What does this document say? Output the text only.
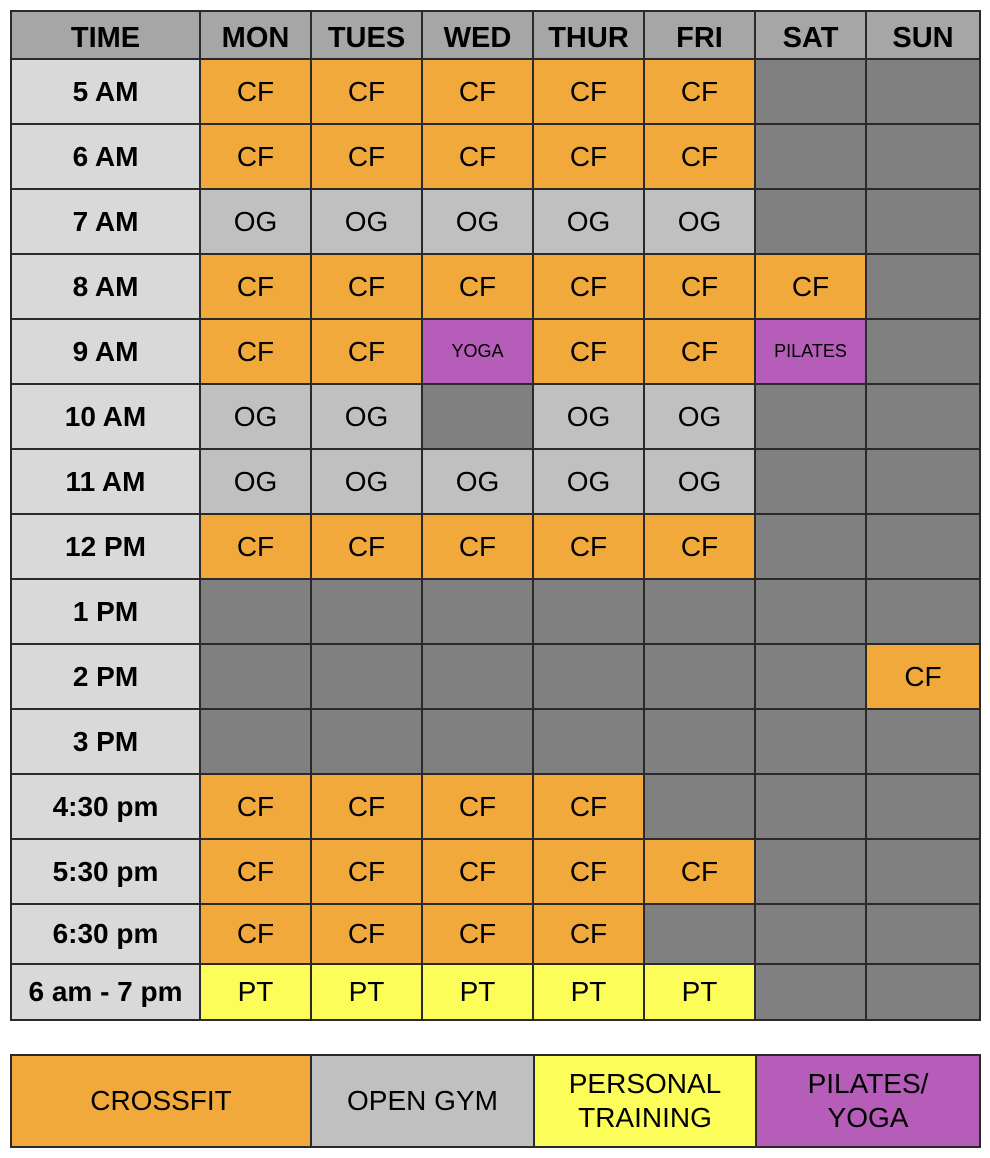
TIME	MON	TUES	WED	THUR	FRI	SAT	SUN
5 AM	CF	CF	CF	CF	CF		
6 AM	CF	CF	CF	CF	CF		
7 AM	OG	OG	OG	OG	OG		
8 AM	CF	CF	CF	CF	CF	CF	
9 AM	CF	CF	YOGA	CF	CF	PILATES	
10 AM	OG	OG		OG	OG		
11 AM	OG	OG	OG	OG	OG		
12 PM	CF	CF	CF	CF	CF		
1 PM							
2 PM							CF
3 PM							
4:30 pm	CF	CF	CF	CF			
5:30 pm	CF	CF	CF	CF	CF		
6:30 pm	CF	CF	CF	CF			
6 am - 7 pm	PT	PT	PT	PT	PT		
CROSSFIT	OPEN GYM	PERSONAL
TRAINING	PILATES/
YOGA
